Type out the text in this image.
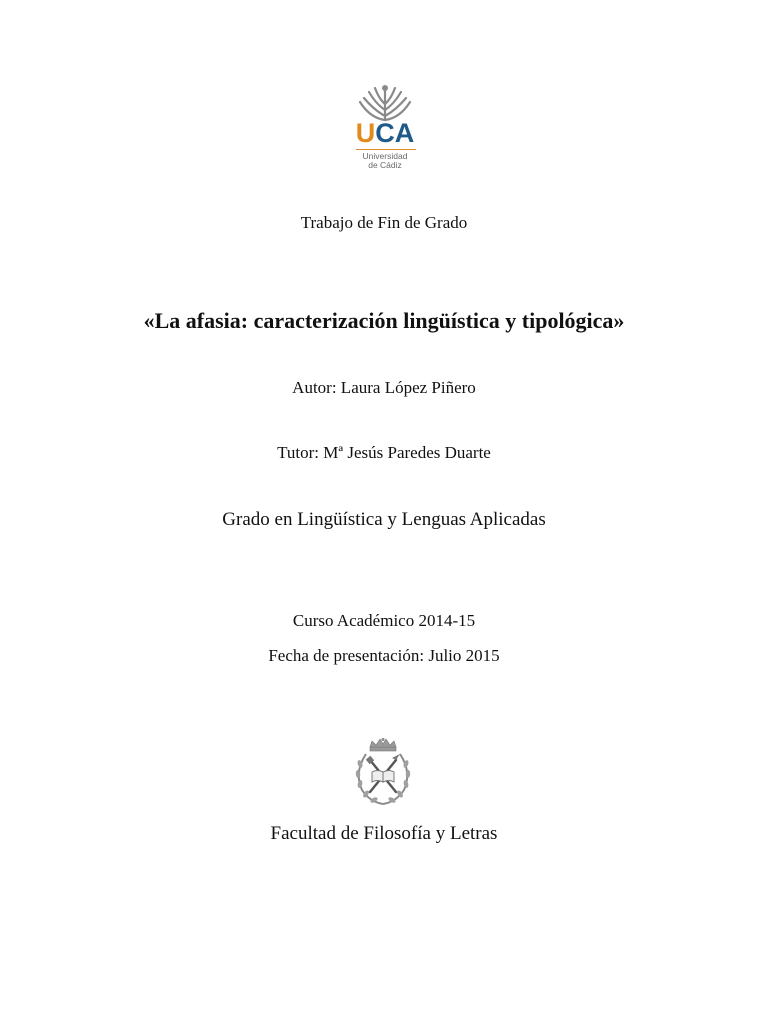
UCA
Universidad
de Cádiz
Trabajo de Fin de Grado
«La afasia: caracterización lingüística y tipológica»
Autor: Laura López Piñero
Tutor: Mª Jesús Paredes Duarte
Grado en Lingüística y Lenguas Aplicadas
Curso Académico 2014-15
Fecha de presentación: Julio 2015
Facultad de Filosofía y Letras
